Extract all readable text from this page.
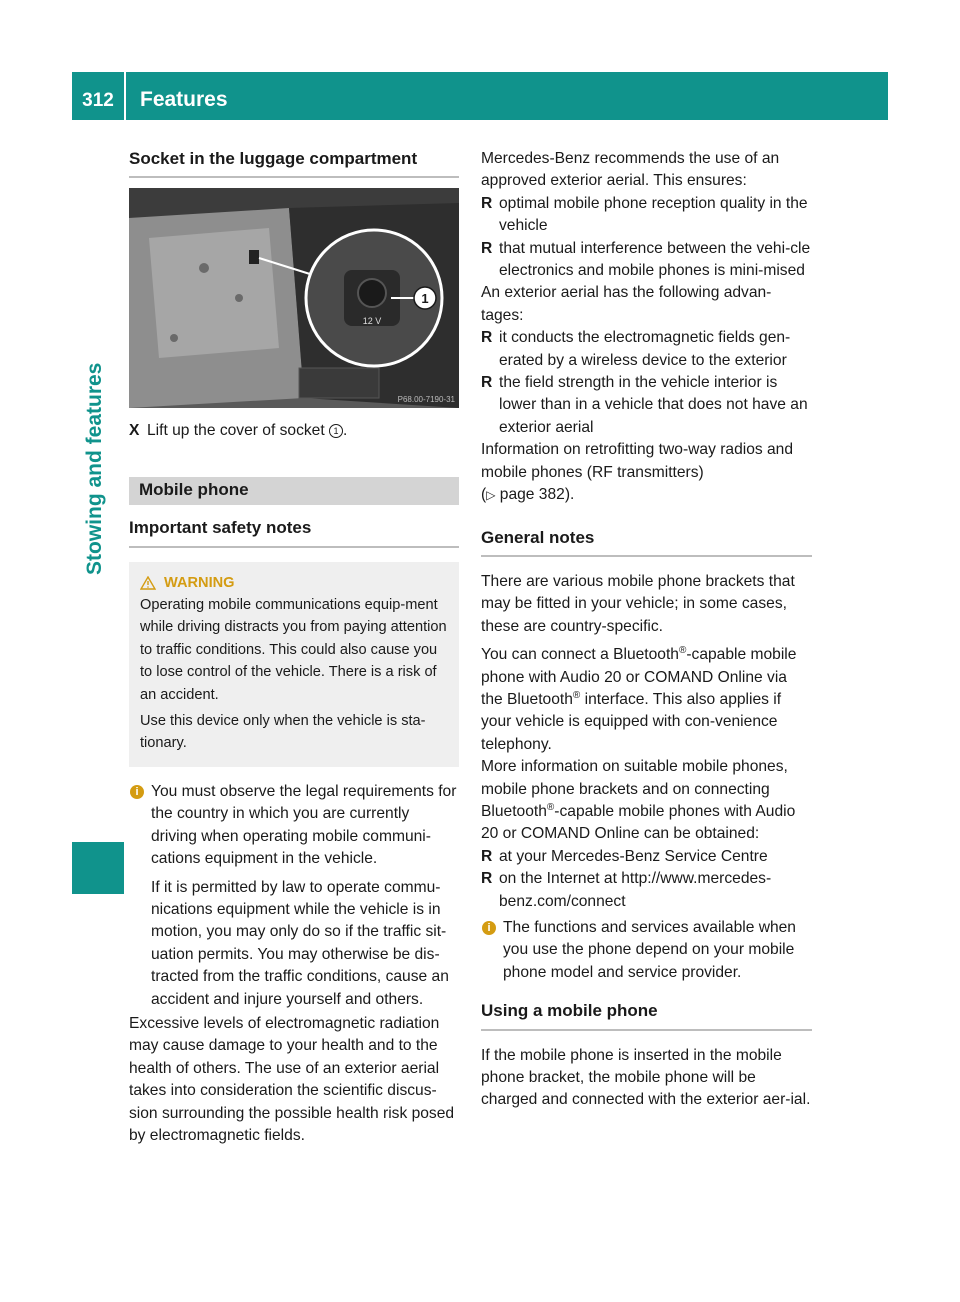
312	Features
Stowing and features
Socket in the luggage compartment
12 V
1
P68.00-7190-31

X Lift up the cover of socket 1 .

Mobile phone
Important safety notes
WARNING

Operating mobile communications equip-ment while driving distracts you from paying attention to traffic conditions. This could also cause you to lose control of the vehicle. There is a risk of an accident.

Use this device only when the vehicle is sta-tionary.

i You must observe the legal requirements for the country in which you are currently driving when operating mobile communi-cations equipment in the vehicle.

If it is permitted by law to operate commu-nications equipment while the vehicle is in motion, you may only do so if the traffic sit-uation permits. You may otherwise be dis-tracted from the traffic conditions, cause an accident and injure yourself and others.

Excessive levels of electromagnetic radiation may cause damage to your health and to the health of others. The use of an exterior aerial takes into consideration the scientific discus-sion surrounding the possible health risk posed by electromagnetic fields.

Mercedes-Benz recommends the use of an approved exterior aerial. This ensures:

R optimal mobile phone reception quality in the vehicle

R that mutual interference between the vehi-cle electronics and mobile phones is mini-mised

An exterior aerial has the following advan-tages:

R it conducts the electromagnetic fields gen-erated by a wireless device to the exterior

R the field strength in the vehicle interior is lower than in a vehicle that does not have an exterior aerial

Information on retrofitting two-way radios and mobile phones (RF transmitters)
(▷ page 382).

General notes

There are various mobile phone brackets that may be fitted in your vehicle; in some cases, these are country-specific.

You can connect a Bluetooth®-capable mobile phone with Audio 20 or COMAND Online via the Bluetooth® interface. This also applies if your vehicle is equipped with con-venience telephony.

More information on suitable mobile phones, mobile phone brackets and on connecting Bluetooth®-capable mobile phones with Audio 20 or COMAND Online can be obtained:

R at your Mercedes-Benz Service Centre

R on the Internet at http://www.mercedes-benz.com/connect

i The functions and services available when you use the phone depend on your mobile phone model and service provider.

Using a mobile phone

If the mobile phone is inserted in the mobile phone bracket, the mobile phone will be charged and connected with the exterior aer-ial.
